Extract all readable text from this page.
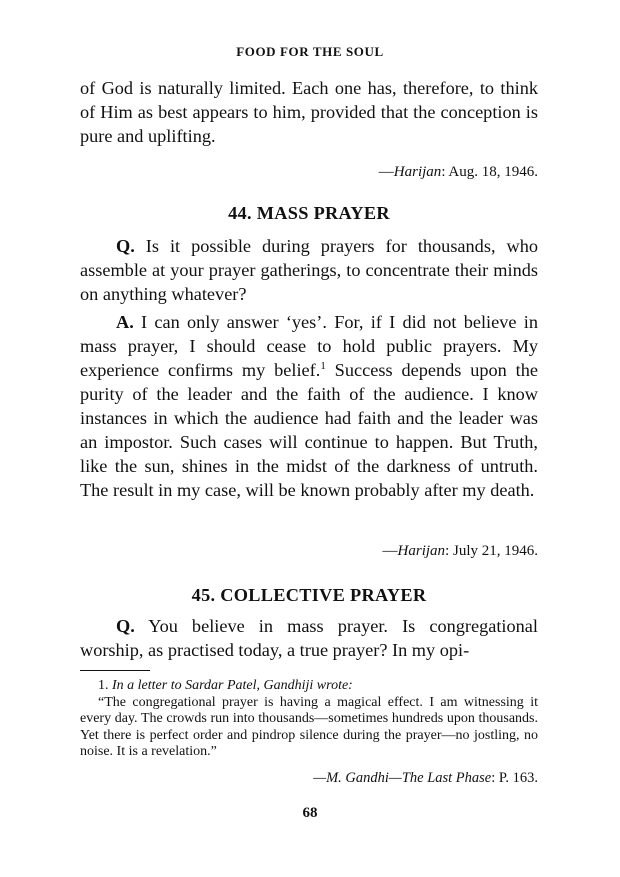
FOOD FOR THE SOUL

of God is naturally limited. Each one has, therefore, to think of Him as best appears to him, provided that the conception is pure and uplifting.

—Harijan: Aug. 18, 1946.
44. MASS PRAYER

Q. Is it possible during prayers for thousands, who assemble at your prayer gatherings, to concentrate their minds on anything whatever?

A. I can only answer ‘yes’. For, if I did not believe in mass prayer, I should cease to hold public prayers. My experience confirms my belief.$^1$ Success depends upon the purity of the leader and the faith of the audience. I know instances in which the audience had faith and the leader was an impostor. Such cases will continue to happen. But Truth, like the sun, shines in the midst of the darkness of untruth. The result in my case, will be known probably after my death.

—Harijan: July 21, 1946.
45. COLLECTIVE PRAYER

Q. You believe in mass prayer. Is congregational worship, as practised today, a true prayer? In my opi-

1. In a letter to Sardar Patel, Gandhiji wrote:

“The congregational prayer is having a magical effect. I am witnessing it every day. The crowds run into thousands—sometimes hundreds upon thousands. Yet there is perfect order and pindrop silence during the prayer—no jostling, no noise. It is a revelation.”

—M. Gandhi—The Last Phase: P. 163.
68
